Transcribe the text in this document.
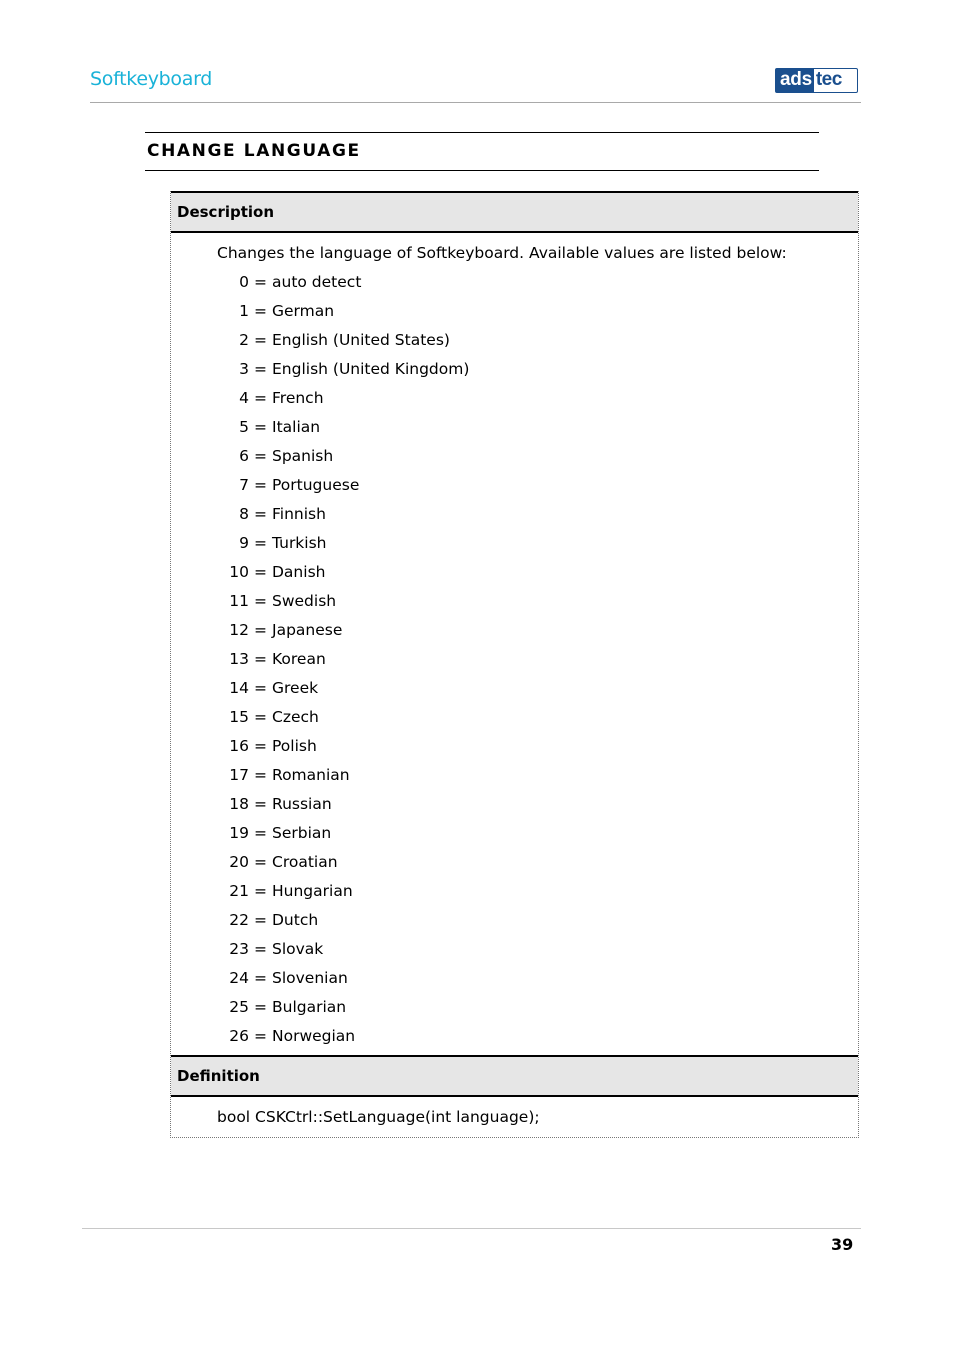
Softkeyboard	ads tec
CHANGE LANGUAGE
Description
Changes the language of Softkeyboard. Available values are listed below:
0 = auto detect
1 = German
2 = English (United States)
3 = English (United Kingdom)
4 = French
5 = Italian
6 = Spanish
7 = Portuguese
8 = Finnish
9 = Turkish
10 = Danish
11 = Swedish
12 = Japanese
13 = Korean
14 = Greek
15 = Czech
16 = Polish
17 = Romanian
18 = Russian
19 = Serbian
20 = Croatian
21 = Hungarian
22 = Dutch
23 = Slovak
24 = Slovenian
25 = Bulgarian
26 = Norwegian
Definition
bool CSKCtrl::SetLanguage(int language);
39
